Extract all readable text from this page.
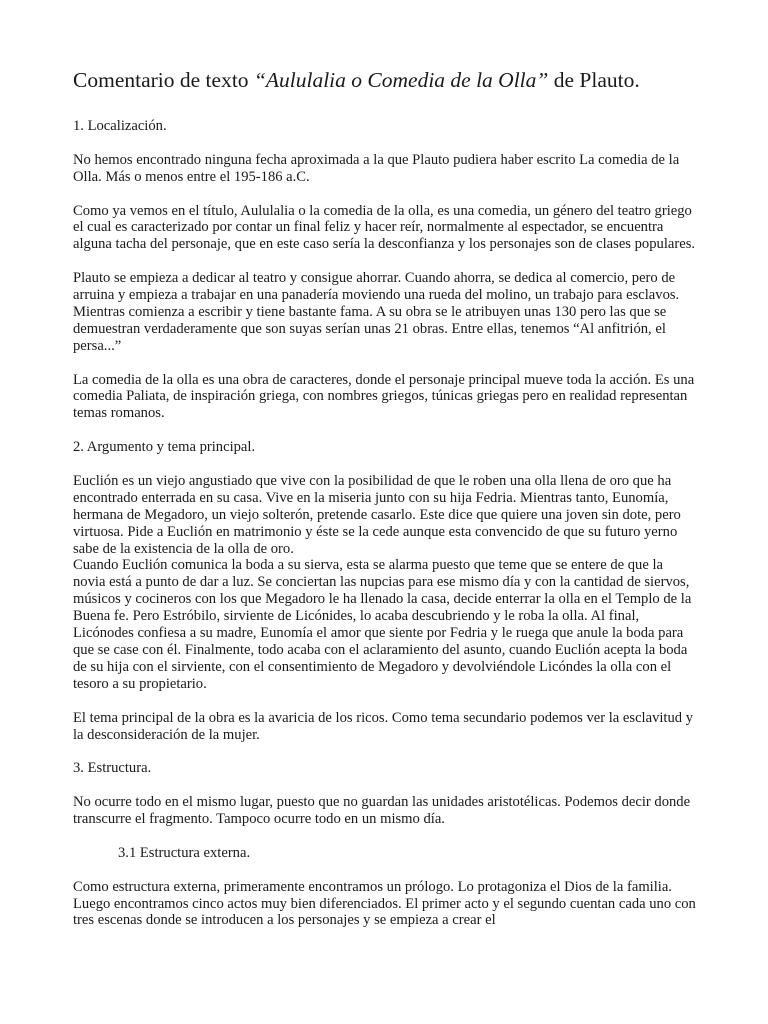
Comentario de texto “Aululalia o Comedia de la Olla” de Plauto.

1. Localización.

No hemos encontrado ninguna fecha aproximada a la que Plauto pudiera haber escrito La comedia de la Olla. Más o menos entre el 195-186 a.C.

Como ya vemos en el título, Aululalia o la comedia de la olla, es una comedia, un género del teatro griego el cual es caracterizado por contar un final feliz y hacer reír, normalmente al espectador, se encuentra alguna tacha del personaje, que en este caso sería la desconfianza y los personajes son de clases populares.

Plauto se empieza a dedicar al teatro y consigue ahorrar. Cuando ahorra, se dedica al comercio, pero de arruina y empieza a trabajar en una panadería moviendo una rueda del molino, un trabajo para esclavos. Mientras comienza a escribir y tiene bastante fama. A su obra se le atribuyen unas 130 pero las que se demuestran verdaderamente que son suyas serían unas 21 obras. Entre ellas, tenemos “Al anfitrión, el persa...”

La comedia de la olla es una obra de caracteres, donde el personaje principal mueve toda la acción. Es una comedia Paliata, de inspiración griega, con nombres griegos, túnicas griegas pero en realidad representan temas romanos.

2. Argumento y tema principal.

Euclión es un viejo angustiado que vive con la posibilidad de que le roben una olla llena de oro que ha encontrado enterrada en su casa. Vive en la miseria junto con su hija Fedria. Mientras tanto, Eunomía, hermana de Megadoro, un viejo solterón, pretende casarlo. Este dice que quiere una joven sin dote, pero virtuosa. Pide a Euclión en matrimonio y éste se la cede aunque esta convencido de que su futuro yerno sabe de la existencia de la olla de oro.

Cuando Euclión comunica la boda a su sierva, esta se alarma puesto que teme que se entere de que la novia está a punto de dar a luz. Se conciertan las nupcias para ese mismo día y con la cantidad de siervos, músicos y cocineros con los que Megadoro le ha llenado la casa, decide enterrar la olla en el Templo de la Buena fe. Pero Estróbilo, sirviente de Licónides, lo acaba descubriendo y le roba la olla. Al final, Licónodes confiesa a su madre, Eunomía el amor que siente por Fedria y le ruega que anule la boda para que se case con él. Finalmente, todo acaba con el aclaramiento del asunto, cuando Euclión acepta la boda de su hija con el sirviente, con el consentimiento de Megadoro y devolviéndole Licóndes la olla con el tesoro a su propietario.

El tema principal de la obra es la avaricia de los ricos. Como tema secundario podemos ver la esclavitud y la desconsideración de la mujer.

3. Estructura.

No ocurre todo en el mismo lugar, puesto que no guardan las unidades aristotélicas. Podemos decir donde transcurre el fragmento. Tampoco ocurre todo en un mismo día.

3.1 Estructura externa.

Como estructura externa, primeramente encontramos un prólogo. Lo protagoniza el Dios de la familia. Luego encontramos cinco actos muy bien diferenciados. El primer acto y el segundo cuentan cada uno con tres escenas donde se introducen a los personajes y se empieza a crear el
